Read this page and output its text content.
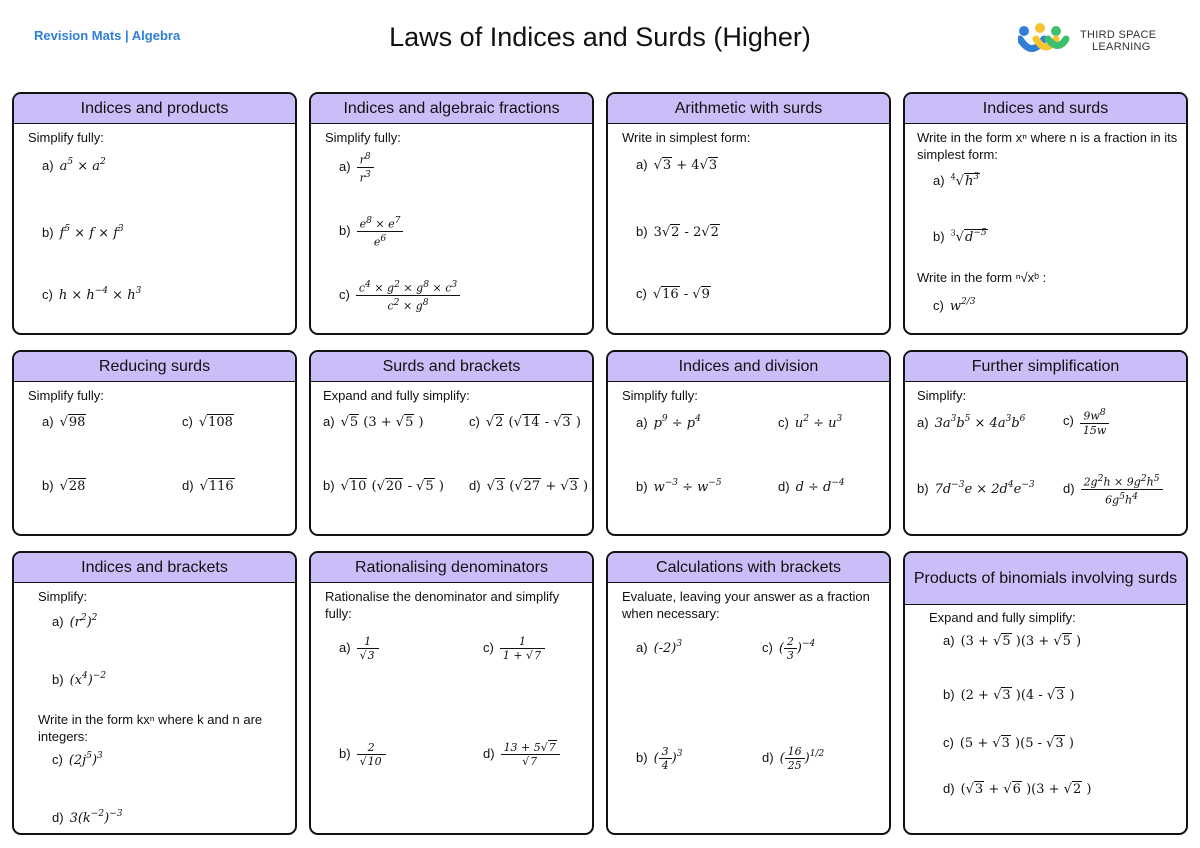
Revision Mats | Algebra	Laws of Indices and Surds (Higher)	THIRD SPACE
LEARNING
Indices and products
Simplify fully:
a) $a^5 \times a^2$
b) $f^5 \times f \times f^3$
c) $h \times h^{-4} \times h^3$
Indices and algebraic fractions
Simplify fully:
$a) \frac{r^8}{r^3}$
$b) \frac{e^8 \times e^7}{e^6}$
$c) \frac{c^4 \times g^2 \times g^8 \times c^3}{c^2 \times g^8}$
Arithmetic with surds
Write in simplest form:
a) √3 + 4√3
b) 3√2 - 2√2
c) √16 - √9
Indices and surds
Write in the form xⁿ where n is a fraction in its simplest form:
a) $^4√h^3$
b) $^3√d^{-5}$
Write in the form ⁿ√xᵇ :
c) $w^{2/3}$
Reducing surds
Simplify fully:
a) √98	c) √108
b) √28	d) √116
Surds and brackets
Expand and fully simplify:
a) √5 (3 + √5 )	c) √2 (√14 - √3 )
b) √10 (√20 - √5 ) d) √3 (√27 + √3 )
Indices and division
Simplify fully:
a) $p^9 \div p^4$	c) $u^2 \div u^3$
b) $w^{-3} \div w^{-5}$	d) $d \div d^{-4}$
Further simplification
Simplify:
a) $3a^3b^5 \times 4a^3b^6$	$c) \frac{9w^8}{15w}$
b) $7d^{-3}e \times 2d^4e^{-3}$ $d) \frac{2g^2h \times 9g^2h^5}{6g^5h^4}$
Indices and brackets
Simplify:
a) $(r^2)^2$
b) $(x^4)^{-2}$
Write in the form kxⁿ where k and n are integers:
c) $(2j^5)^3$
d) $3(k^{-2})^{-3}$
Rationalising denominators
Rationalise the denominator and simplify fully:
$a) \frac{1}{√3}$	$c) \frac{1}{1 + √7}$
$b) \frac{2}{√10}$	$d) \frac{13 + 5√7}{√7}$
Calculations with brackets
Evaluate, leaving your answer as a fraction when necessary:
a) $(-2)^3$	c) ( $\frac{2}{3} )^{-4}$
b) ( $\frac{3}{4} )^3$	d) ( $\frac{16}{25} )^{1/2}$
Products of binomials involving surds
Expand and fully simplify:
a) (3 + √5 )(3 + √5 )
b) (2 + √3 )(4 - √3 )
c) (5 + √3 )(5 - √3 )
d) (√3 + √6 )(3 + √2 )
